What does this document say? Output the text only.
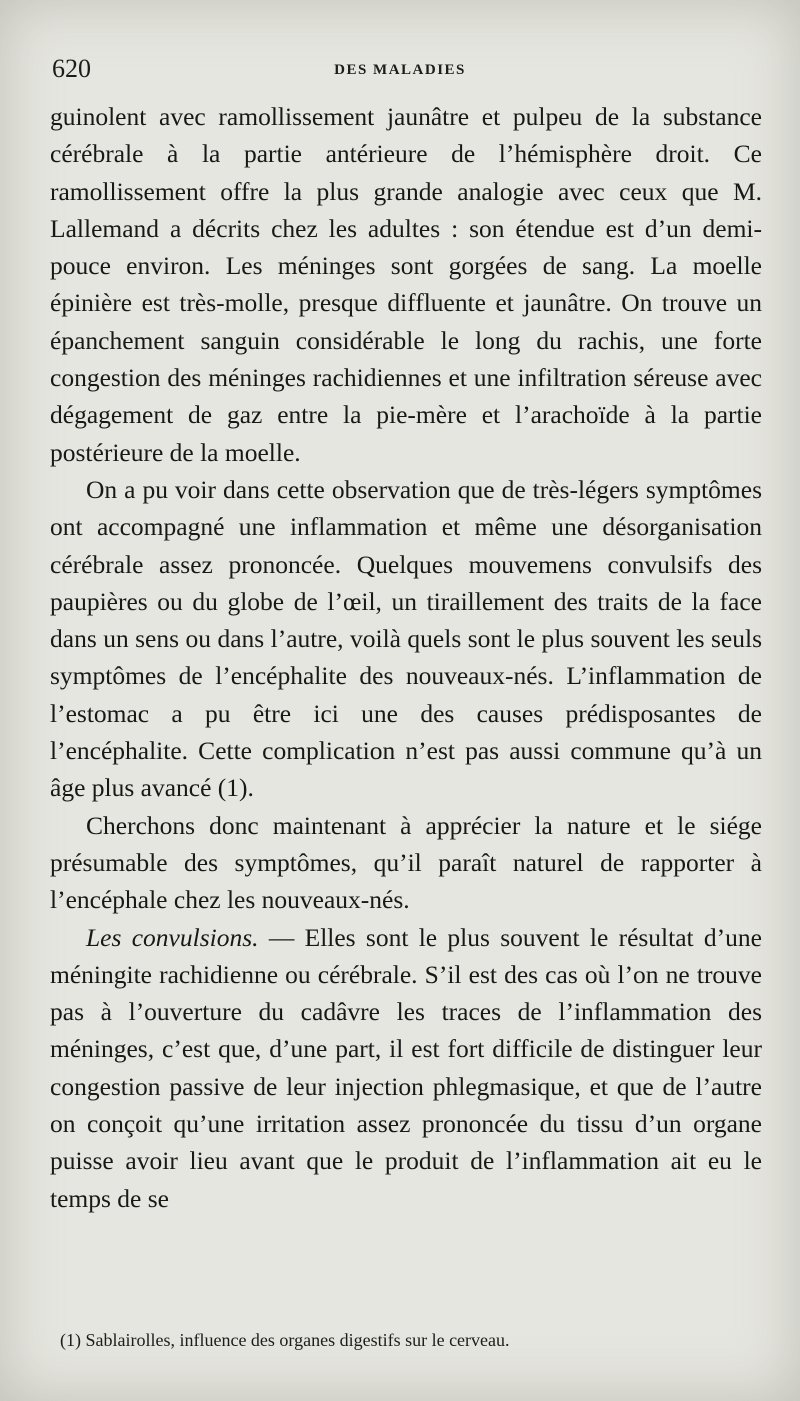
620	DES MALADIES

guinolent avec ramollissement jaunâtre et pulpeu de la substance cérébrale à la partie antérieure de l’hémisphère droit. Ce ramollissement offre la plus grande analogie avec ceux que M. Lallemand a décrits chez les adultes : son étendue est d’un demi-pouce environ. Les méninges sont gorgées de sang. La moelle épinière est très-molle, presque diffluente et jaunâtre. On trouve un épanchement sanguin considérable le long du rachis, une forte congestion des méninges rachidiennes et une infiltration séreuse avec dégagement de gaz entre la pie-mère et l’arachoïde à la partie postérieure de la moelle.

On a pu voir dans cette observation que de très-légers symptômes ont accompagné une inflammation et même une désorganisation cérébrale assez prononcée. Quelques mouvemens convulsifs des paupières ou du globe de l’œil, un tiraillement des traits de la face dans un sens ou dans l’autre, voilà quels sont le plus souvent les seuls symptômes de l’encéphalite des nouveaux-nés. L’inflammation de l’estomac a pu être ici une des causes prédisposantes de l’encéphalite. Cette complication n’est pas aussi commune qu’à un âge plus avancé (1).

Cherchons donc maintenant à apprécier la nature et le siége présumable des symptômes, qu’il paraît naturel de rapporter à l’encéphale chez les nouveaux-nés.

Les convulsions. — Elles sont le plus souvent le résultat d’une méningite rachidienne ou cérébrale. S’il est des cas où l’on ne trouve pas à l’ouverture du cadâvre les traces de l’inflammation des méninges, c’est que, d’une part, il est fort difficile de distinguer leur congestion passive de leur injection phlegmasique, et que de l’autre on conçoit qu’une irritation assez prononcée du tissu d’un organe puisse avoir lieu avant que le produit de l’inflammation ait eu le temps de se

(1) Sablairolles, influence des organes digestifs sur le cerveau.
